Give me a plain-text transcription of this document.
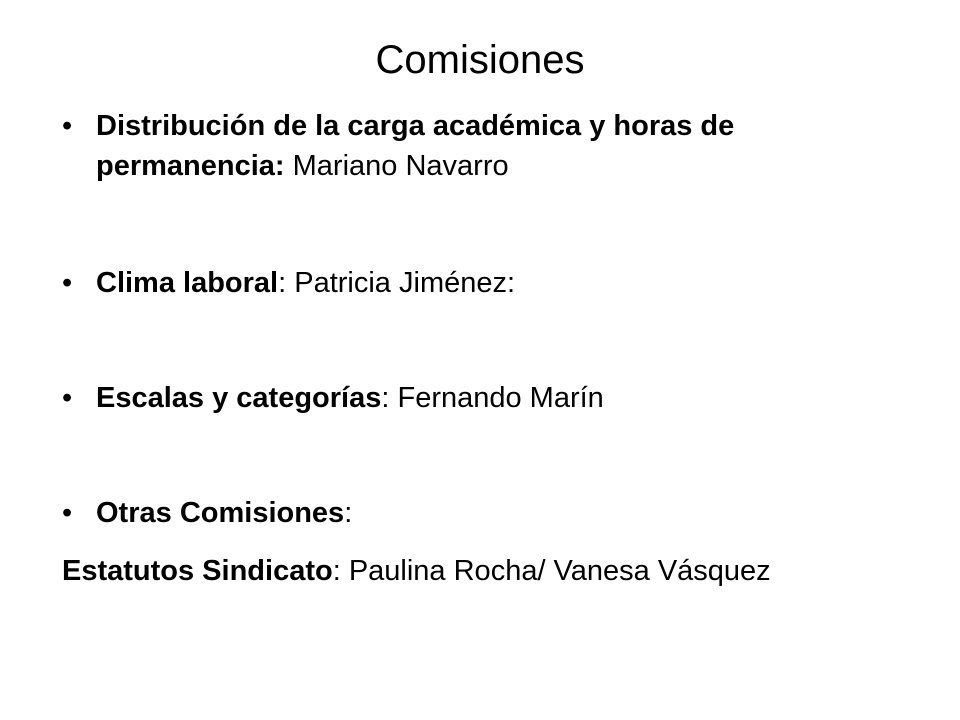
Comisiones
• Distribución de la carga académica y horas de permanencia: Mariano Navarro
• Clima laboral: Patricia Jiménez:
• Escalas y categorías: Fernando Marín
• Otras Comisiones:
Estatutos Sindicato: Paulina Rocha/ Vanesa Vásquez
